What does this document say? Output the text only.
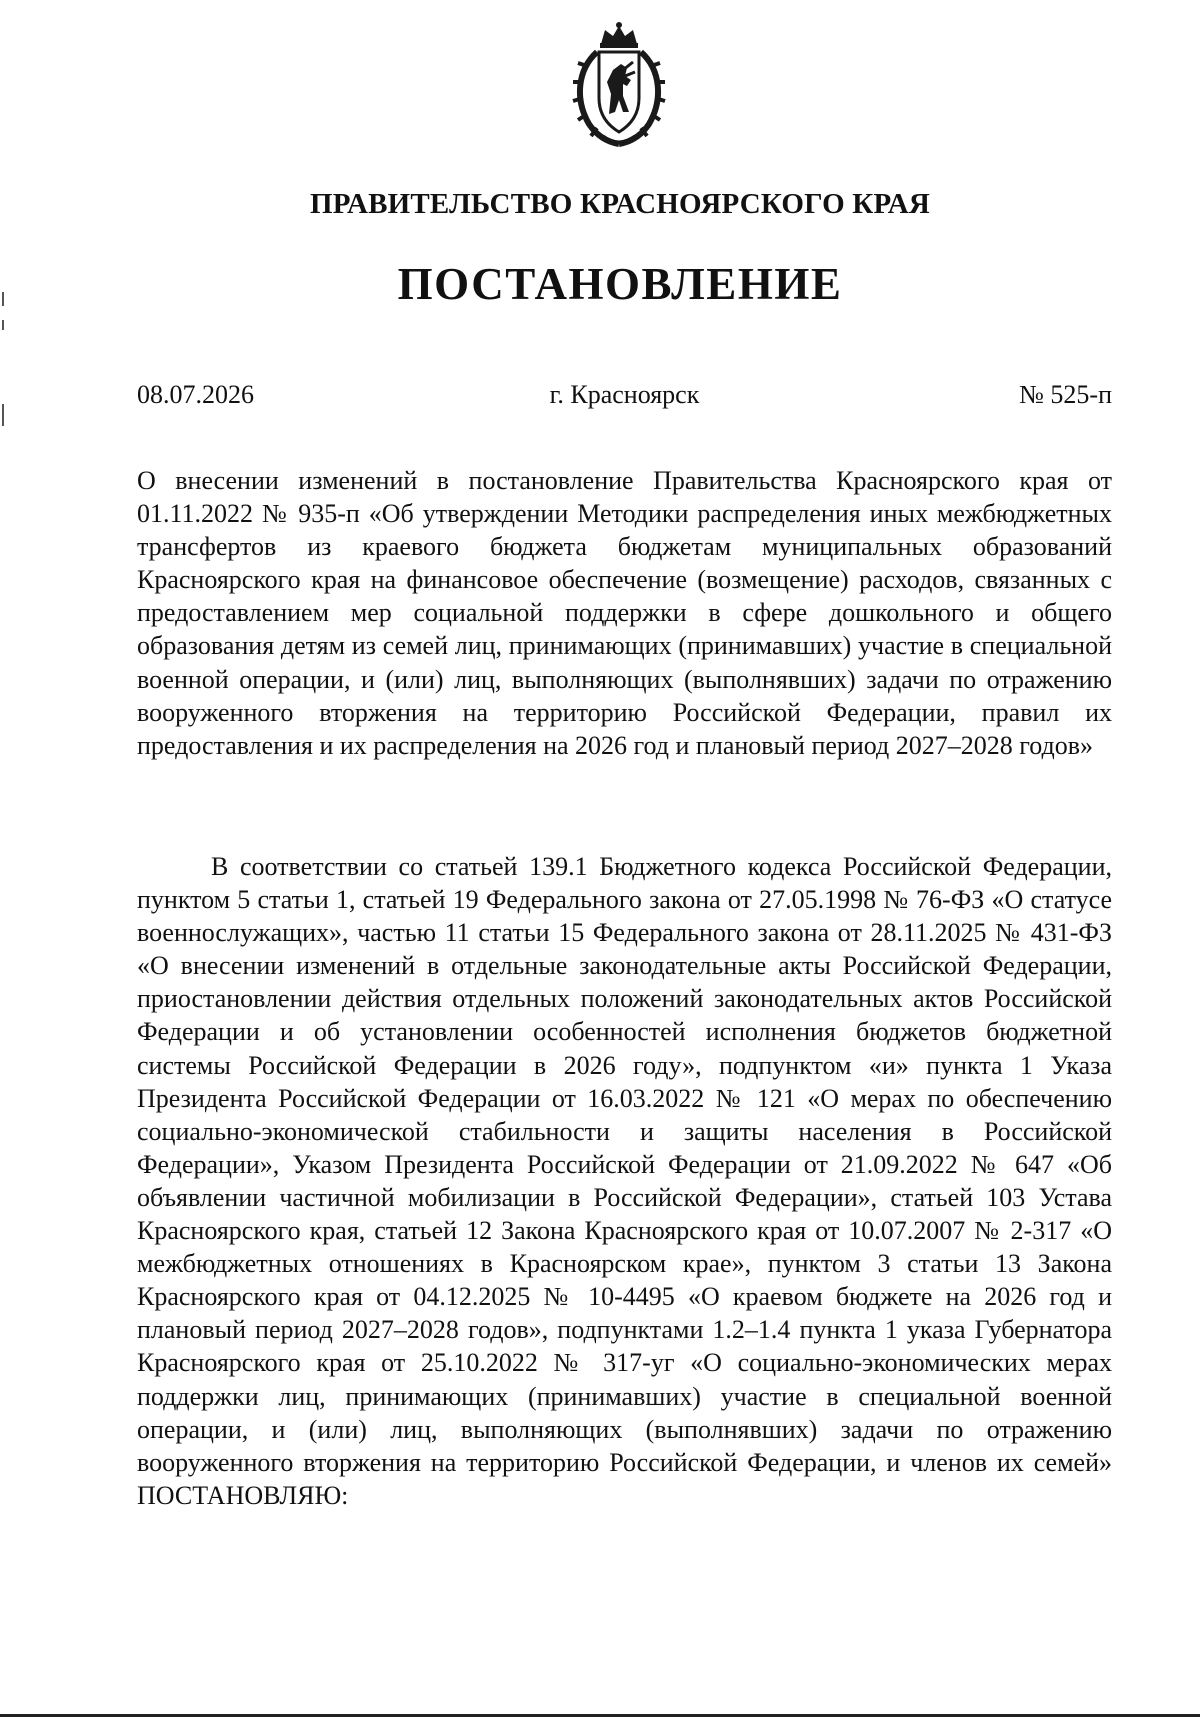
ПРАВИТЕЛЬСТВО КРАСНОЯРСКОГО КРАЯ
ПОСТАНОВЛЕНИЕ
08.07.2026	г. Красноярск	№ 525-п
О внесении изменений в постановление Правительства Красноярского края от 01.11.2022 № 935-п «Об утверждении Методики распределения иных межбюджетных трансфертов из краевого бюджета бюджетам муниципальных образований Красноярского края на финансовое обеспечение (возмещение) расходов, связанных с предоставлением мер социальной поддержки в сфере дошкольного и общего образования детям из семей лиц, принимающих (принимавших) участие в специальной военной операции, и (или) лиц, выполняющих (выполнявших) задачи по отражению вооруженного вторжения на территорию Российской Федерации, правил их предоставления и их распределения на 2026 год и плановый период 2027–2028 годов»
В соответствии со статьей 139.1 Бюджетного кодекса Российской Федерации, пунктом 5 статьи 1, статьей 19 Федерального закона от 27.05.1998 № 76-ФЗ «О статусе военнослужащих», частью 11 статьи 15 Федерального закона от 28.11.2025 № 431-ФЗ «О внесении изменений в отдельные законодательные акты Российской Федерации, приостановлении действия отдельных положений законодательных актов Российской Федерации и об установлении особенностей исполнения бюджетов бюджетной системы Российской Федерации в 2026 году», подпунктом «и» пункта 1 Указа Президента Российской Федерации от 16.03.2022 № 121 «О мерах по обеспечению социально-экономической стабильности и защиты населения в Российской Федерации», Указом Президента Российской Федерации от 21.09.2022 № 647 «Об объявлении частичной мобилизации в Российской Федерации», статьей 103 Устава Красноярского края, статьей 12 Закона Красноярского края от 10.07.2007 № 2-317 «О межбюджетных отношениях в Красноярском крае», пунктом 3 статьи 13 Закона Красноярского края от 04.12.2025 № 10-4495 «О краевом бюджете на 2026 год и плановый период 2027–2028 годов», подпунктами 1.2–1.4 пункта 1 указа Губернатора Красноярского края от 25.10.2022 № 317-уг «О социально-экономических мерах поддержки лиц, принимающих (принимавших) участие в специальной военной операции, и (или) лиц, выполняющих (выполнявших) задачи по отражению вооруженного вторжения на территорию Российской Федерации, и членов их семей» ПОСТАНОВЛЯЮ:
